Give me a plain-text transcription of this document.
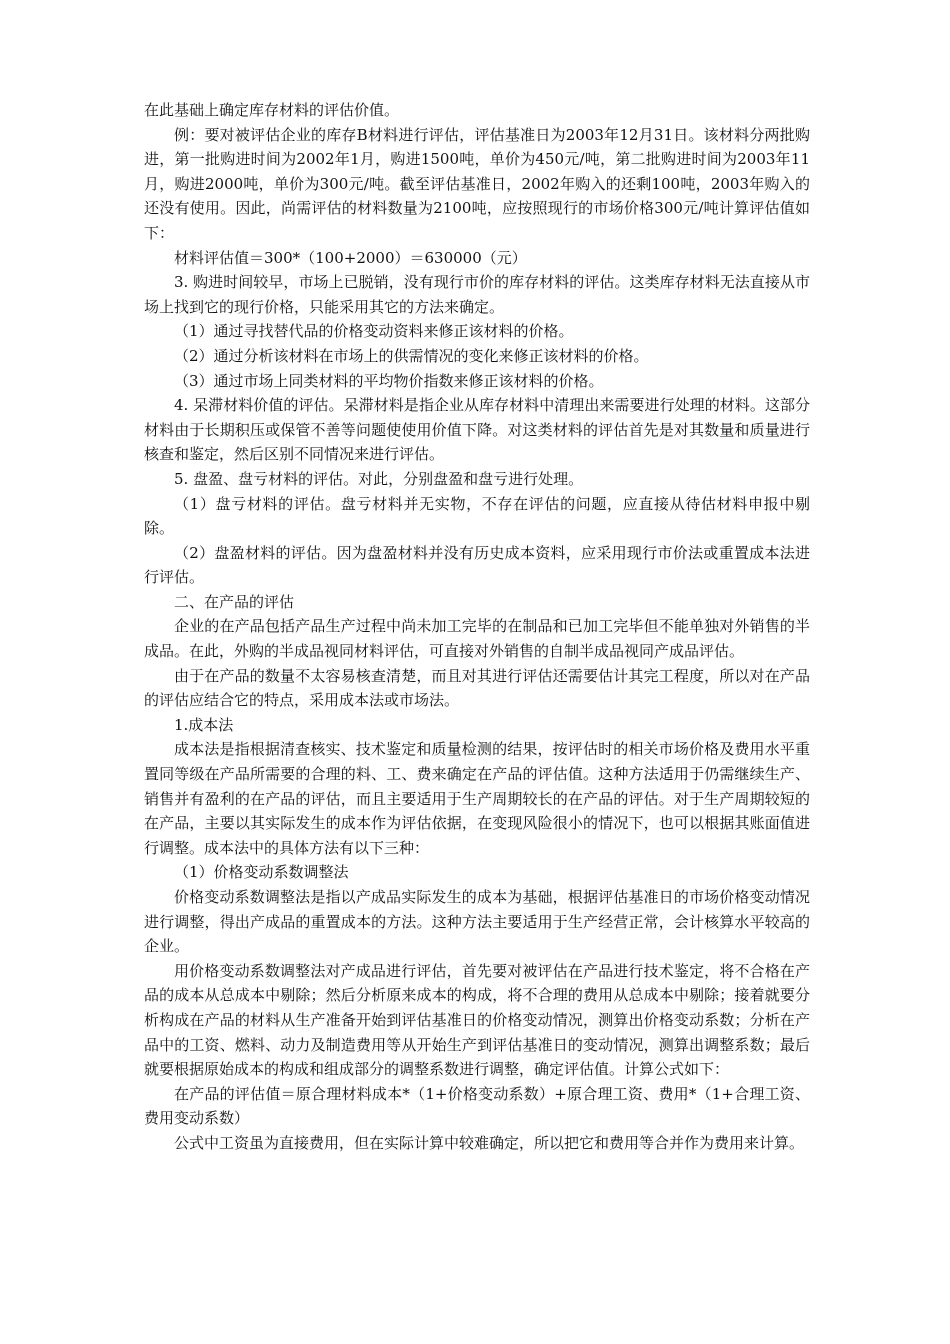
在此基础上确定库存材料的评估价值。

例：要对被评估企业的库存B材料进行评估，评估基准日为2003年12月31日。该材料分两批购进，第一批购进时间为2002年1月，购进1500吨，单价为450元/吨，第二批购进时间为2003年11月，购进2000吨，单价为300元/吨。截至评估基准日，2002年购入的还剩100吨，2003年购入的还没有使用。因此，尚需评估的材料数量为2100吨，应按照现行的市场价格300元/吨计算评估值如下：

材料评估值＝300*（100+2000）＝630000（元）

3. 购进时间较早，市场上已脱销，没有现行市价的库存材料的评估。这类库存材料无法直接从市场上找到它的现行价格，只能采用其它的方法来确定。

（1）通过寻找替代品的价格变动资料来修正该材料的价格。

（2）通过分析该材料在市场上的供需情况的变化来修正该材料的价格。

（3）通过市场上同类材料的平均物价指数来修正该材料的价格。

4. 呆滞材料价值的评估。呆滞材料是指企业从库存材料中清理出来需要进行处理的材料。这部分材料由于长期积压或保管不善等问题使使用价值下降。对这类材料的评估首先是对其数量和质量进行核查和鉴定，然后区别不同情况来进行评估。

5. 盘盈、盘亏材料的评估。对此，分别盘盈和盘亏进行处理。

（1）盘亏材料的评估。盘亏材料并无实物，不存在评估的问题，应直接从待估材料申报中剔除。

（2）盘盈材料的评估。因为盘盈材料并没有历史成本资料，应采用现行市价法或重置成本法进行评估。

二、在产品的评估

企业的在产品包括产品生产过程中尚未加工完毕的在制品和已加工完毕但不能单独对外销售的半成品。在此，外购的半成品视同材料评估，可直接对外销售的自制半成品视同产成品评估。

由于在产品的数量不太容易核查清楚，而且对其进行评估还需要估计其完工程度，所以对在产品的评估应结合它的特点，采用成本法或市场法。

1.成本法

成本法是指根据清查核实、技术鉴定和质量检测的结果，按评估时的相关市场价格及费用水平重置同等级在产品所需要的合理的料、工、费来确定在产品的评估值。这种方法适用于仍需继续生产、销售并有盈利的在产品的评估，而且主要适用于生产周期较长的在产品的评估。对于生产周期较短的在产品，主要以其实际发生的成本作为评估依据，在变现风险很小的情况下，也可以根据其账面值进行调整。成本法中的具体方法有以下三种：

（1）价格变动系数调整法

价格变动系数调整法是指以产成品实际发生的成本为基础，根据评估基准日的市场价格变动情况进行调整，得出产成品的重置成本的方法。这种方法主要适用于生产经营正常，会计核算水平较高的企业。

用价格变动系数调整法对产成品进行评估，首先要对被评估在产品进行技术鉴定，将不合格在产品的成本从总成本中剔除；然后分析原来成本的构成，将不合理的费用从总成本中剔除；接着就要分析构成在产品的材料从生产准备开始到评估基准日的价格变动情况，测算出价格变动系数；分析在产品中的工资、燃料、动力及制造费用等从开始生产到评估基准日的变动情况，测算出调整系数；最后就要根据原始成本的构成和组成部分的调整系数进行调整，确定评估值。计算公式如下：

在产品的评估值＝原合理材料成本*（1+价格变动系数）+原合理工资、费用*（1+合理工资、费用变动系数）

公式中工资虽为直接费用，但在实际计算中较难确定，所以把它和费用等合并作为费用来计算。
